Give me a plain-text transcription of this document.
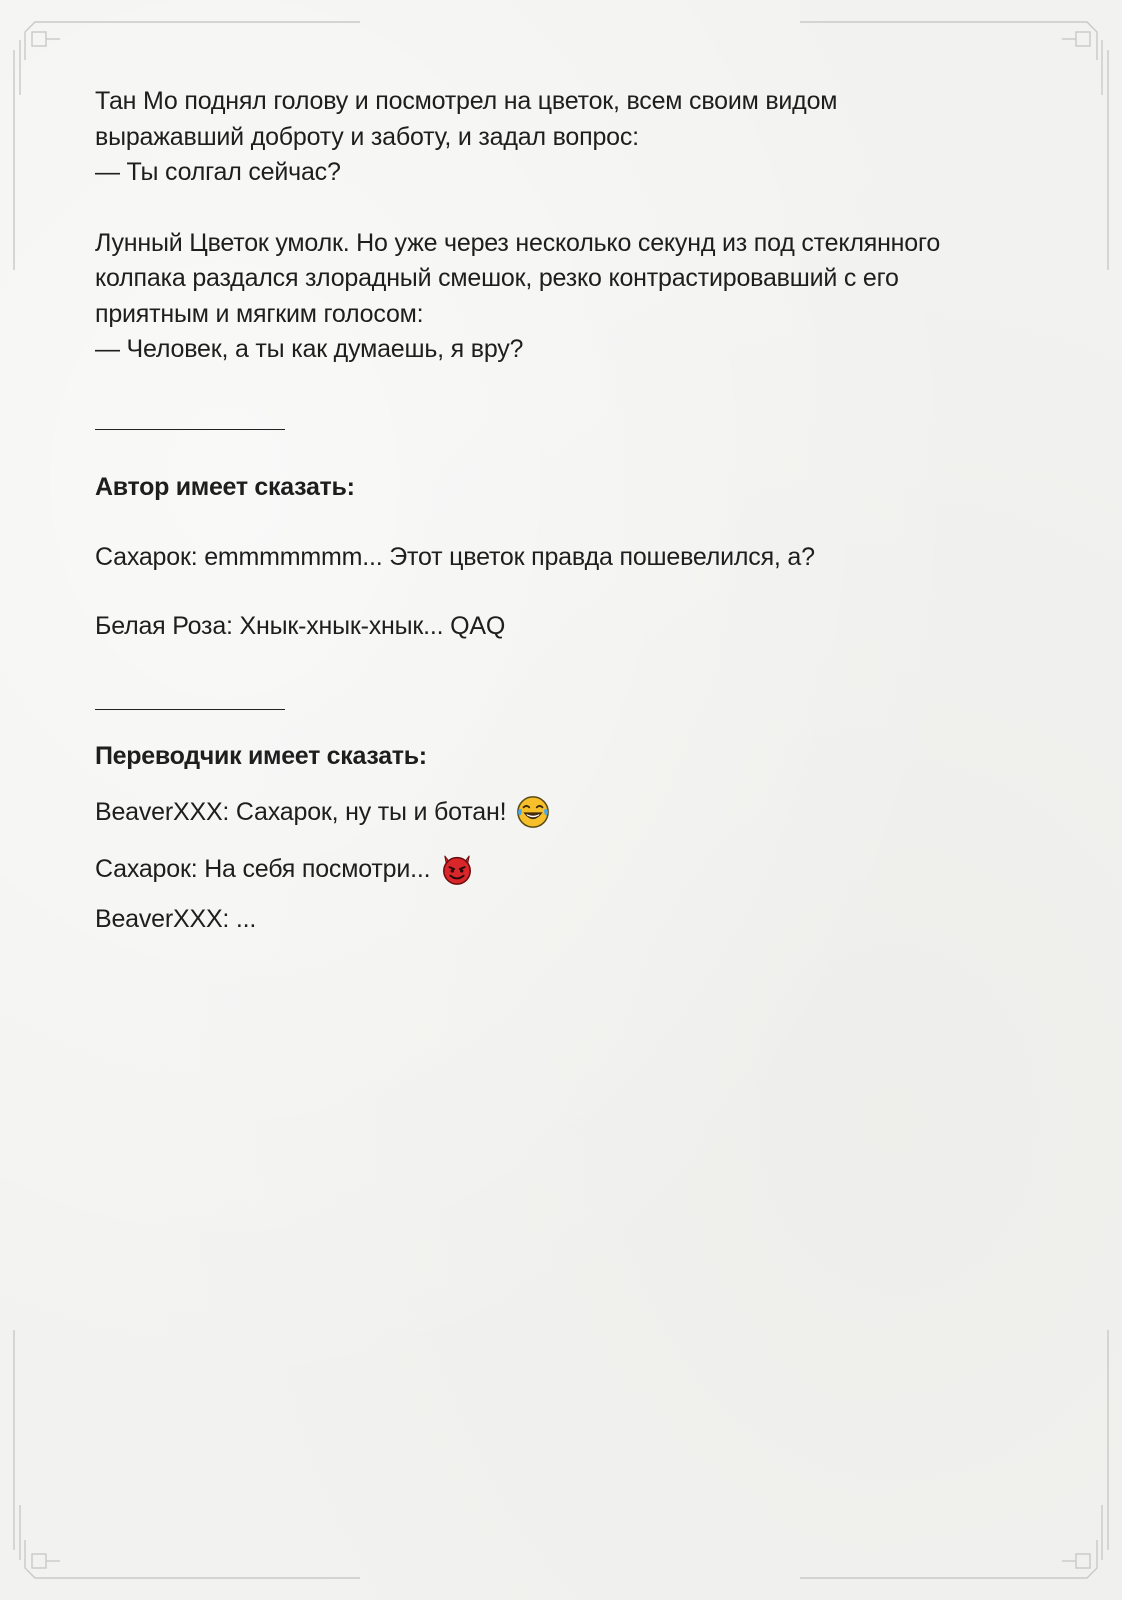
Тан Мо поднял голову и посмотрел на цветок, всем своим видом

выражавший доброту и заботу, и задал вопрос:

— Ты солгал сейчас?

Лунный Цветок умолк. Но уже через несколько секунд из под стеклянного

колпака раздался злорадный смешок, резко контрастировавший с его

приятным и мягким голосом:

— Человек, а ты как думаешь, я вру?

Автор имеет сказать:
Сахарок: emmmmmmm... Этот цветок правда пошевелился, а?
Белая Роза: Хнык-хнык-хнык... QAQ
Переводчик имеет сказать:
BeaverXXX: Сахарок, ну ты и ботан!
Сахарок: На себя посмотри...
BeaverXXX: ...
